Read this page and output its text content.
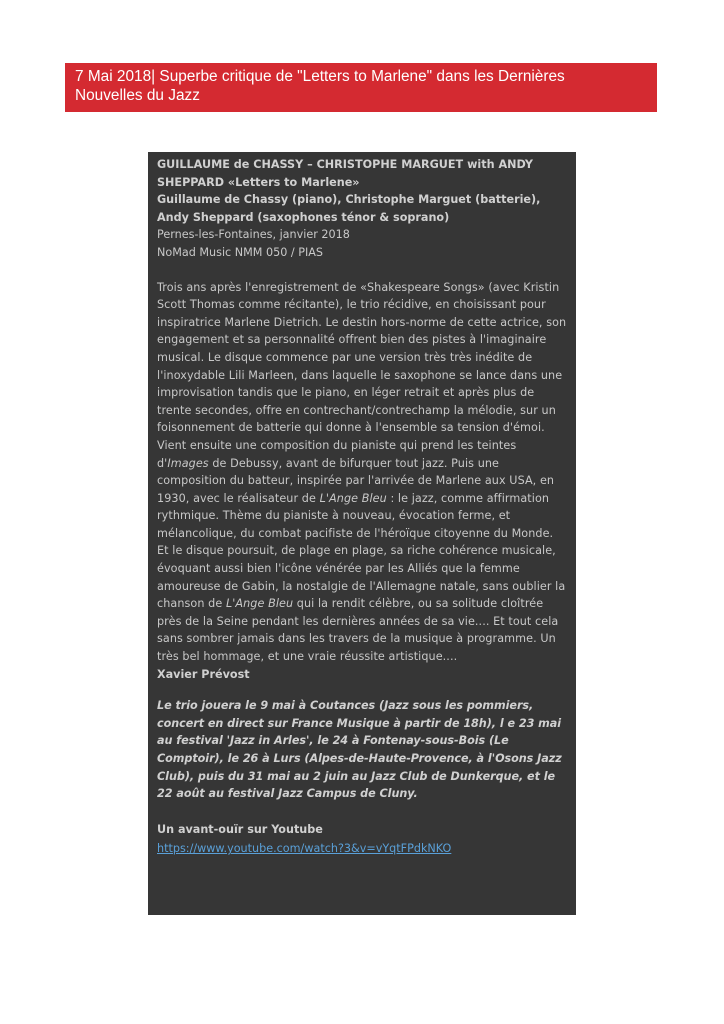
7 Mai 2018| Superbe critique de "Letters to Marlene" dans les Dernières
Nouvelles du Jazz

GUILLAUME de CHASSY – CHRISTOPHE MARGUET with ANDY SHEPPARD «Letters to Marlene»

Guillaume de Chassy (piano), Christophe Marguet (batterie), Andy Sheppard (saxophones ténor & soprano)

Pernes-les-Fontaines, janvier 2018

NoMad Music NMM 050 / PIAS

Trois ans après l'enregistrement de «Shakespeare Songs» (avec Kristin Scott Thomas comme récitante), le trio récidive, en choisissant pour inspiratrice Marlene Dietrich. Le destin hors-norme de cette actrice, son engagement et sa personnalité offrent bien des pistes à l'imaginaire musical. Le disque commence par une version très très inédite de l'inoxydable Lili Marleen, dans laquelle le saxophone se lance dans une improvisation tandis que le piano, en léger retrait et après plus de trente secondes, offre en contrechant/contrechamp la mélodie, sur un foisonnement de batterie qui donne à l'ensemble sa tension d'émoi. Vient ensuite une composition du pianiste qui prend les teintes d'Images de Debussy, avant de bifurquer tout jazz. Puis une composition du batteur, inspirée par l'arrivée de Marlene aux USA, en 1930, avec le réalisateur de L'Ange Bleu : le jazz, comme affirmation rythmique. Thème du pianiste à nouveau, évocation ferme, et mélancolique, du combat pacifiste de l'héroïque citoyenne du Monde. Et le disque poursuit, de plage en plage, sa riche cohérence musicale, évoquant aussi bien l'icône vénérée par les Alliés que la femme amoureuse de Gabin, la nostalgie de l'Allemagne natale, sans oublier la chanson de L'Ange Bleu qui la rendit célèbre, ou sa solitude cloîtrée près de la Seine pendant les dernières années de sa vie.... Et tout cela sans sombrer jamais dans les travers de la musique à programme. Un très bel hommage, et une vraie réussite artistique....

Xavier Prévost

Le trio jouera le 9 mai à Coutances (Jazz sous les pommiers, concert en direct sur France Musique à partir de 18h), l e 23 mai au festival 'Jazz in Arles', le 24 à Fontenay-sous-Bois (Le Comptoir), le 26 à Lurs (Alpes-de-Haute-Provence, à l'Osons Jazz Club), puis du 31 mai au 2 juin au Jazz Club de Dunkerque, et le 22 août au festival Jazz Campus de Cluny.

Un avant-ouïr sur Youtube

https://www.youtube.com/watch?3&v=vYqtFPdkNKO
